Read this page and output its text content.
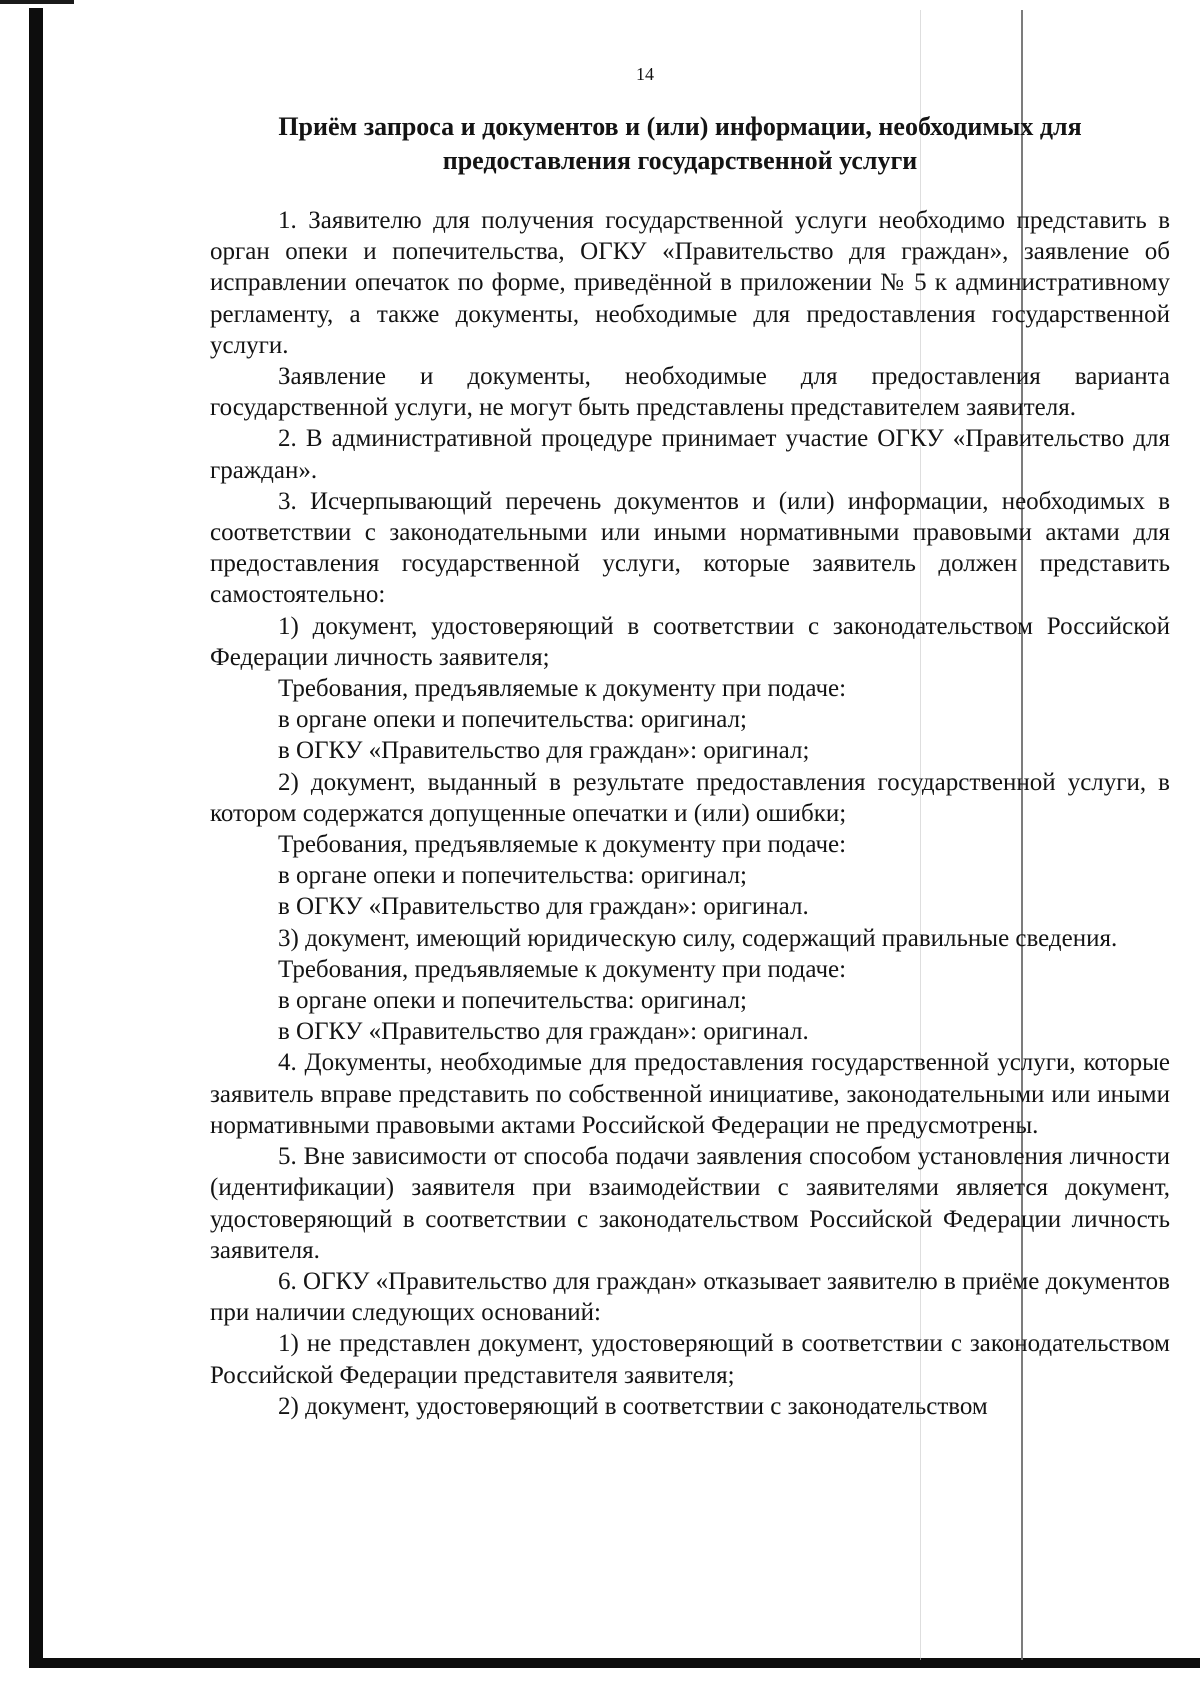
14
Приём запроса и документов и (или) информации, необходимых для
предоставления государственной услуги

1. Заявителю для получения государственной услуги необходимо представить в орган опеки и попечительства, ОГКУ «Правительство для граждан», заявление об исправлении опечаток по форме, приведённой в приложении № 5 к административному регламенту, а также документы, необходимые для предоставления государственной услуги.

Заявление и документы, необходимые для предоставления варианта государственной услуги, не могут быть представлены представителем заявителя.

2. В административной процедуре принимает участие ОГКУ «Правительство для граждан».

3. Исчерпывающий перечень документов и (или) информации, необходимых в соответствии с законодательными или иными нормативными правовыми актами для предоставления государственной услуги, которые заявитель должен представить самостоятельно:

1) документ, удостоверяющий в соответствии с законодательством Российской Федерации личность заявителя;

Требования, предъявляемые к документу при подаче:

в органе опеки и попечительства: оригинал;

в ОГКУ «Правительство для граждан»: оригинал;

2) документ, выданный в результате предоставления государственной услуги, в котором содержатся допущенные опечатки и (или) ошибки;

Требования, предъявляемые к документу при подаче:

в органе опеки и попечительства: оригинал;

в ОГКУ «Правительство для граждан»: оригинал.

3) документ, имеющий юридическую силу, содержащий правильные сведения.

Требования, предъявляемые к документу при подаче:

в органе опеки и попечительства: оригинал;

в ОГКУ «Правительство для граждан»: оригинал.

4. Документы, необходимые для предоставления государственной услуги, которые заявитель вправе представить по собственной инициативе, законодательными или иными нормативными правовыми актами Российской Федерации не предусмотрены.

5. Вне зависимости от способа подачи заявления способом установления личности (идентификации) заявителя при взаимодействии с заявителями является документ, удостоверяющий в соответствии с законодательством Российской Федерации личность заявителя.

6. ОГКУ «Правительство для граждан» отказывает заявителю в приёме документов при наличии следующих оснований:

1) не представлен документ, удостоверяющий в соответствии с законодательством Российской Федерации представителя заявителя;

2) документ, удостоверяющий в соответствии с законодательством
